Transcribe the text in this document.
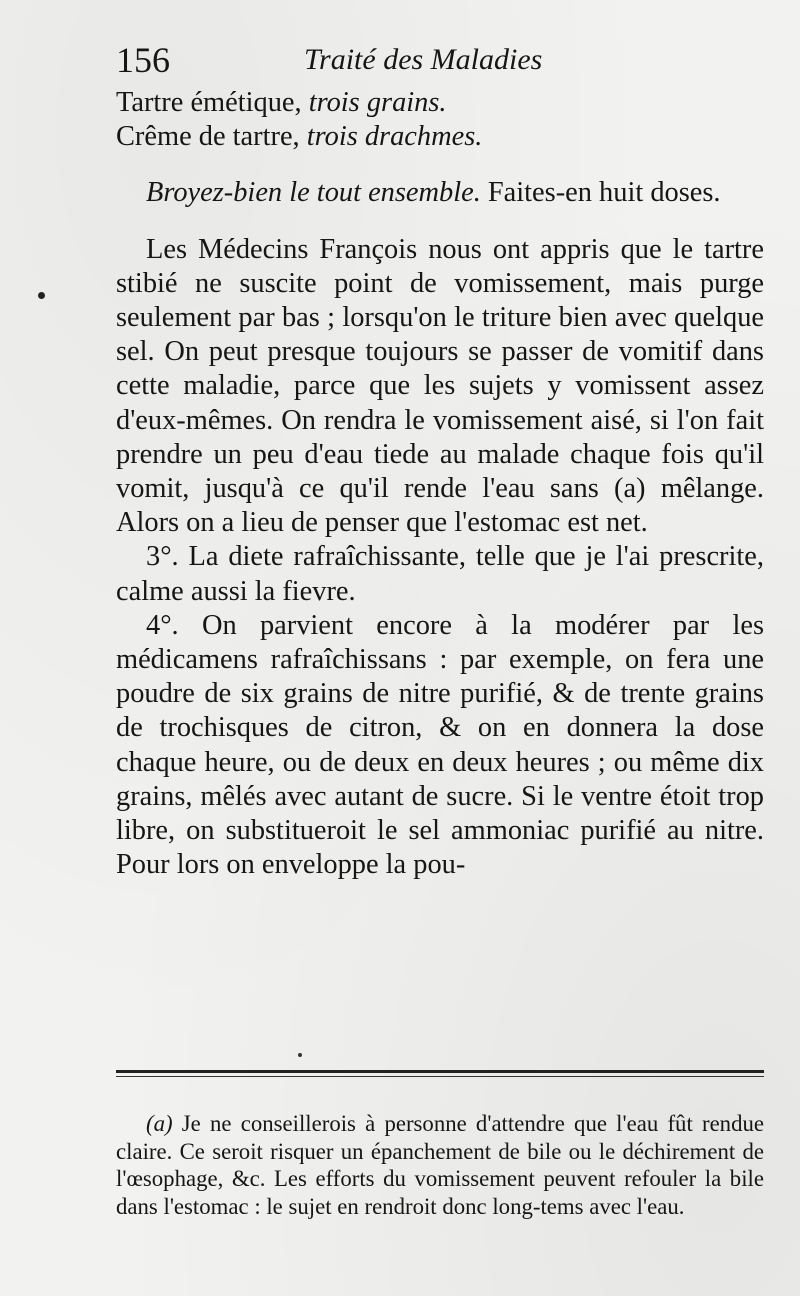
156	Traité des Maladies

Tartre émétique, trois grains.

Crême de tartre, trois drachmes.

Broyez-bien le tout ensemble. Faites-en huit doses.

Les Médecins François nous ont appris que le tartre stibié ne suscite point de vomissement, mais purge seulement par bas ; lorsqu'on le triture bien avec quelque sel. On peut presque toujours se passer de vomitif dans cette maladie, parce que les sujets y vomissent assez d'eux-mêmes. On rendra le vomissement aisé, si l'on fait prendre un peu d'eau tiede au malade chaque fois qu'il vomit, jusqu'à ce qu'il rende l'eau sans (a) mêlange. Alors on a lieu de penser que l'estomac est net.

3°. La diete rafraîchissante, telle que je l'ai prescrite, calme aussi la fievre.

4°. On parvient encore à la modérer par les médicamens rafraîchissans : par exemple, on fera une poudre de six grains de nitre purifié, & de trente grains de trochisques de citron, & on en donnera la dose chaque heure, ou de deux en deux heures ; ou même dix grains, mêlés avec autant de sucre. Si le ventre étoit trop libre, on substitueroit le sel ammoniac purifié au nitre. Pour lors on enveloppe la pou-

(a) Je ne conseillerois à personne d'attendre que l'eau fût rendue claire. Ce seroit risquer un épanchement de bile ou le déchirement de l'œsophage, &c. Les efforts du vomissement peuvent refouler la bile dans l'estomac : le sujet en rendroit donc long-tems avec l'eau.
